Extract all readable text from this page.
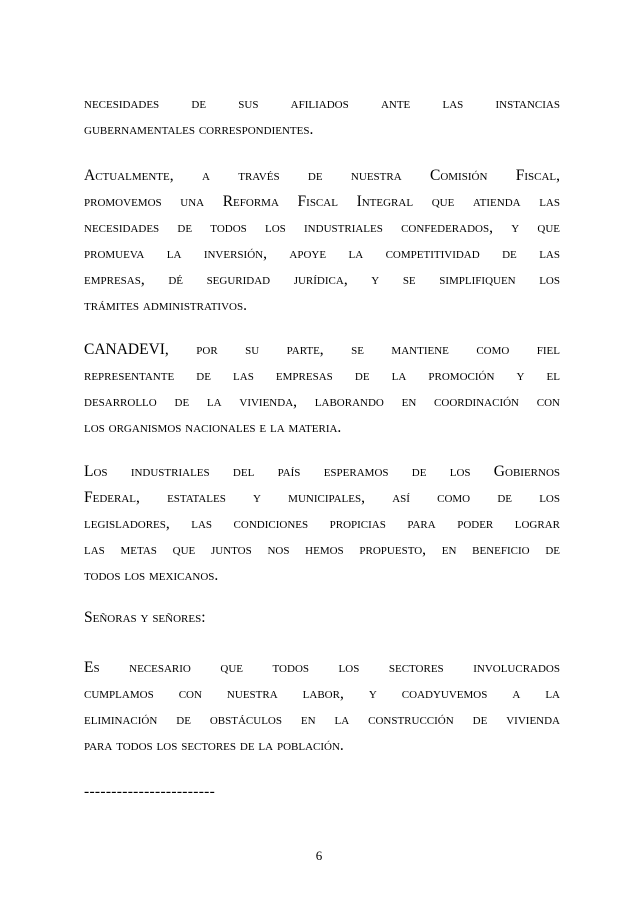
necesidades de sus afiliados ante las instancias
gubernamentales correspondientes.
Actualmente, a través de nuestra Comisión Fiscal,
promovemos una Reforma Fiscal Integral que atienda las
necesidades de todos los industriales confederados, y que
promueva la inversión, apoye la competitividad de las
empresas, dé seguridad jurídica, y se simplifiquen los
trámites administrativos.
CANADEVI, por su parte, se mantiene como fiel
representante de las empresas de la promoción y el
desarrollo de la vivienda, laborando en coordinación con
los organismos nacionales e la materia.
Los industriales del país esperamos de los Gobiernos
Federal, estatales y municipales, así como de los
legisladores, las condiciones propicias para poder lograr
las metas que juntos nos hemos propuesto, en beneficio de
todos los mexicanos.
Señoras y señores:
Es necesario que todos los sectores involucrados
cumplamos con nuestra labor, y coadyuvemos a la
eliminación de obstáculos en la construcción de vivienda
para todos los sectores de la población.
------------------------
6
